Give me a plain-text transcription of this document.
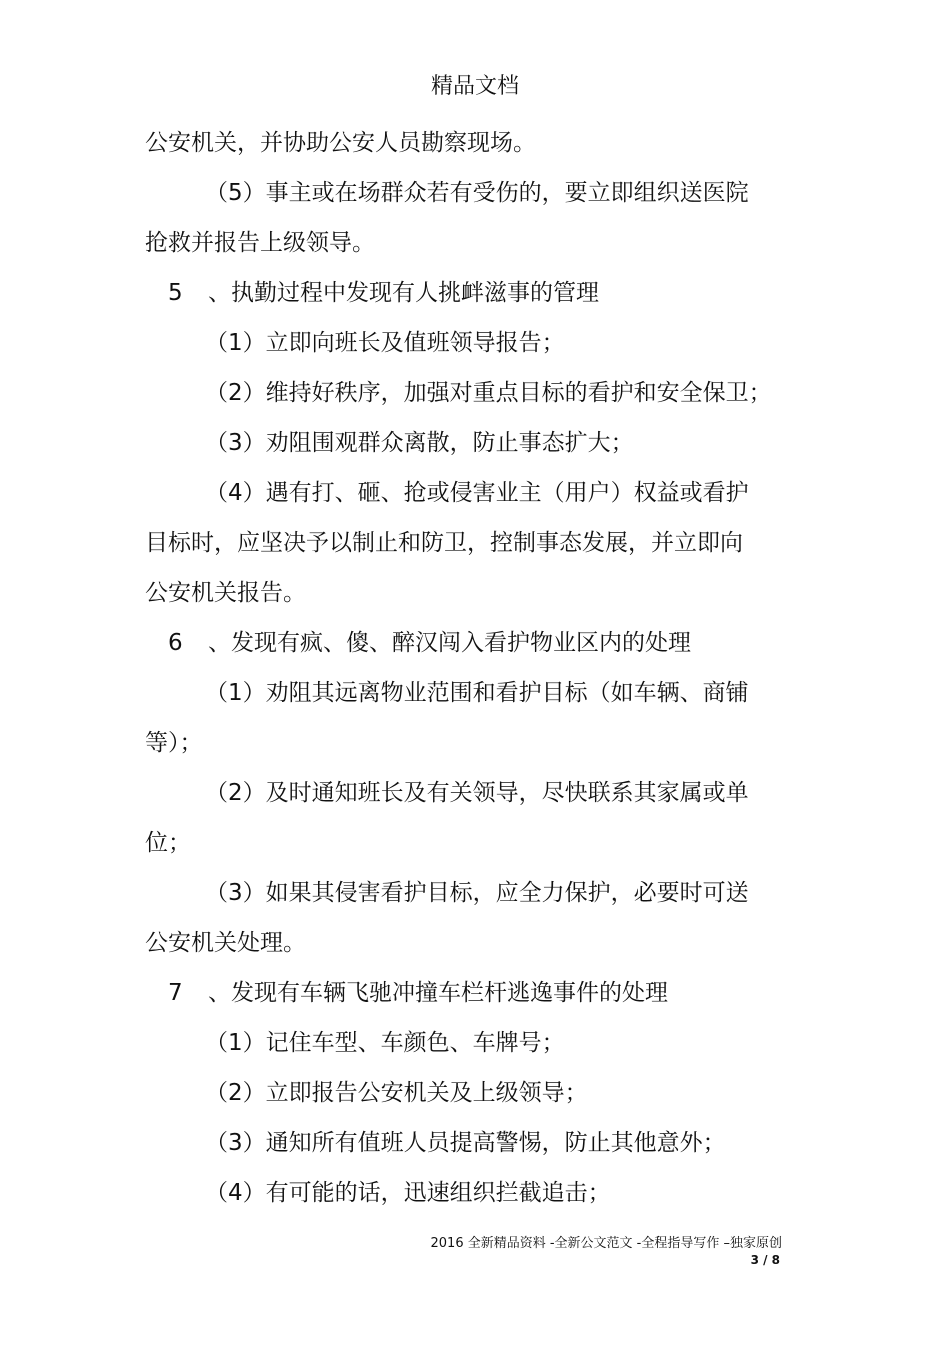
精品文档
公安机关，并协助公安人员勘察现场。
（5）事主或在场群众若有受伤的，要立即组织送医院
抢救并报告上级领导。
5 、执勤过程中发现有人挑衅滋事的管理
（1）立即向班长及值班领导报告；
（2）维持好秩序，加强对重点目标的看护和安全保卫；
（3）劝阻围观群众离散，防止事态扩大；
（4）遇有打、砸、抢或侵害业主（用户）权益或看护
目标时，应坚决予以制止和防卫，控制事态发展，并立即向
公安机关报告。
6 、发现有疯、傻、醉汉闯入看护物业区内的处理
（1）劝阻其远离物业范围和看护目标（如车辆、商铺
等）；
（2）及时通知班长及有关领导，尽快联系其家属或单
位；
（3）如果其侵害看护目标，应全力保护，必要时可送
公安机关处理。
7 、发现有车辆飞驰冲撞车栏杆逃逸事件的处理
（1）记住车型、车颜色、车牌号；
（2）立即报告公安机关及上级领导；
（3）通知所有值班人员提高警惕，防止其他意外；
（4）有可能的话，迅速组织拦截追击；
2016 全新精品资料 -全新公文范文 -全程指导写作 –独家原创
3 / 8
